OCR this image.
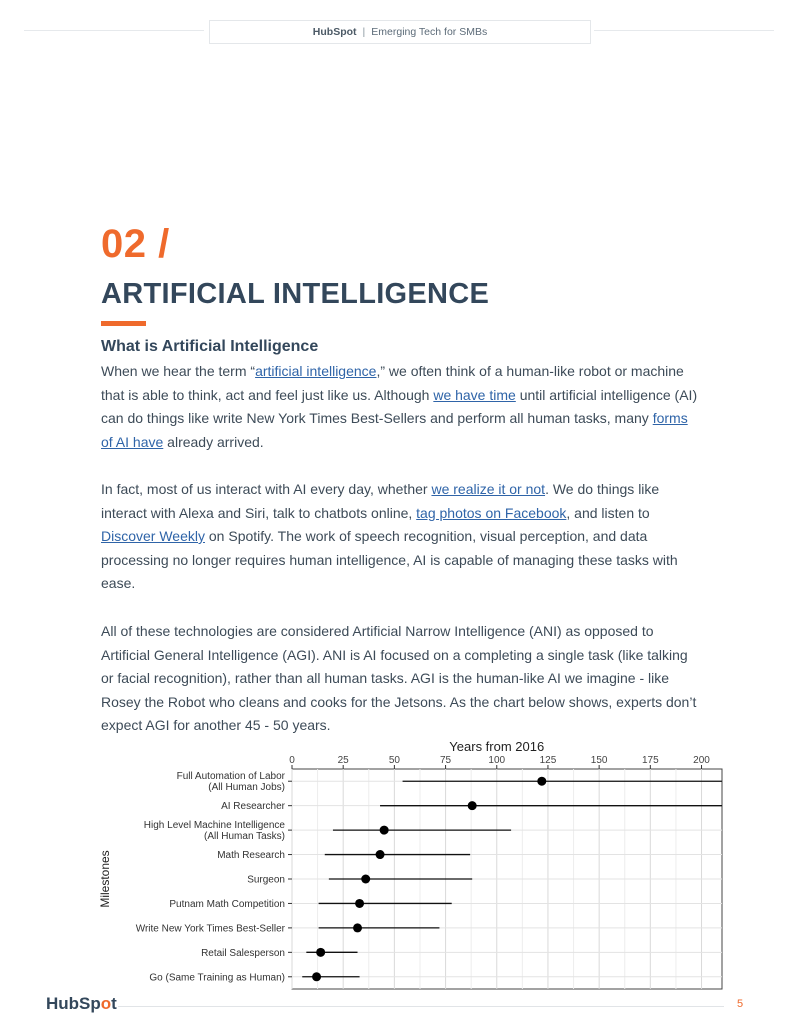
HubSpot | Emerging Tech for SMBs
02 /
ARTIFICIAL INTELLIGENCE
What is Artificial Intelligence
When we hear the term “artificial intelligence,” we often think of a human-like robot or machine that is able to think, act and feel just like us. Although we have time until artificial intelligence (AI) can do things like write New York Times Best-Sellers and perform all human tasks, many forms of AI have already arrived.
In fact, most of us interact with AI every day, whether we realize it or not. We do things like interact with Alexa and Siri, talk to chatbots online, tag photos on Facebook, and listen to Discover Weekly on Spotify. The work of speech recognition, visual perception, and data processing no longer requires human intelligence, AI is capable of managing these tasks with ease.
All of these technologies are considered Artificial Narrow Intelligence (ANI) as opposed to Artificial General Intelligence (AGI). ANI is AI focused on a completing a single task (like talking or facial recognition), rather than all human tasks. AGI is the human-like AI we imagine - like Rosey the Robot who cleans and cooks for the Jetsons. As the chart below shows, experts don’t expect AGI for another 45 - 50 years.
Years from 2016
0	25	50	75	100	125	150	175	200
Milestones
Full Automation of Labor
(All Human Jobs)
AI Researcher
High Level Machine Intelligence
(All Human Tasks)
Math Research
Surgeon
Putnam Math Competition
Write New York Times Best-Seller
Retail Salesperson
Go (Same Training as Human)
HubSpot	5
